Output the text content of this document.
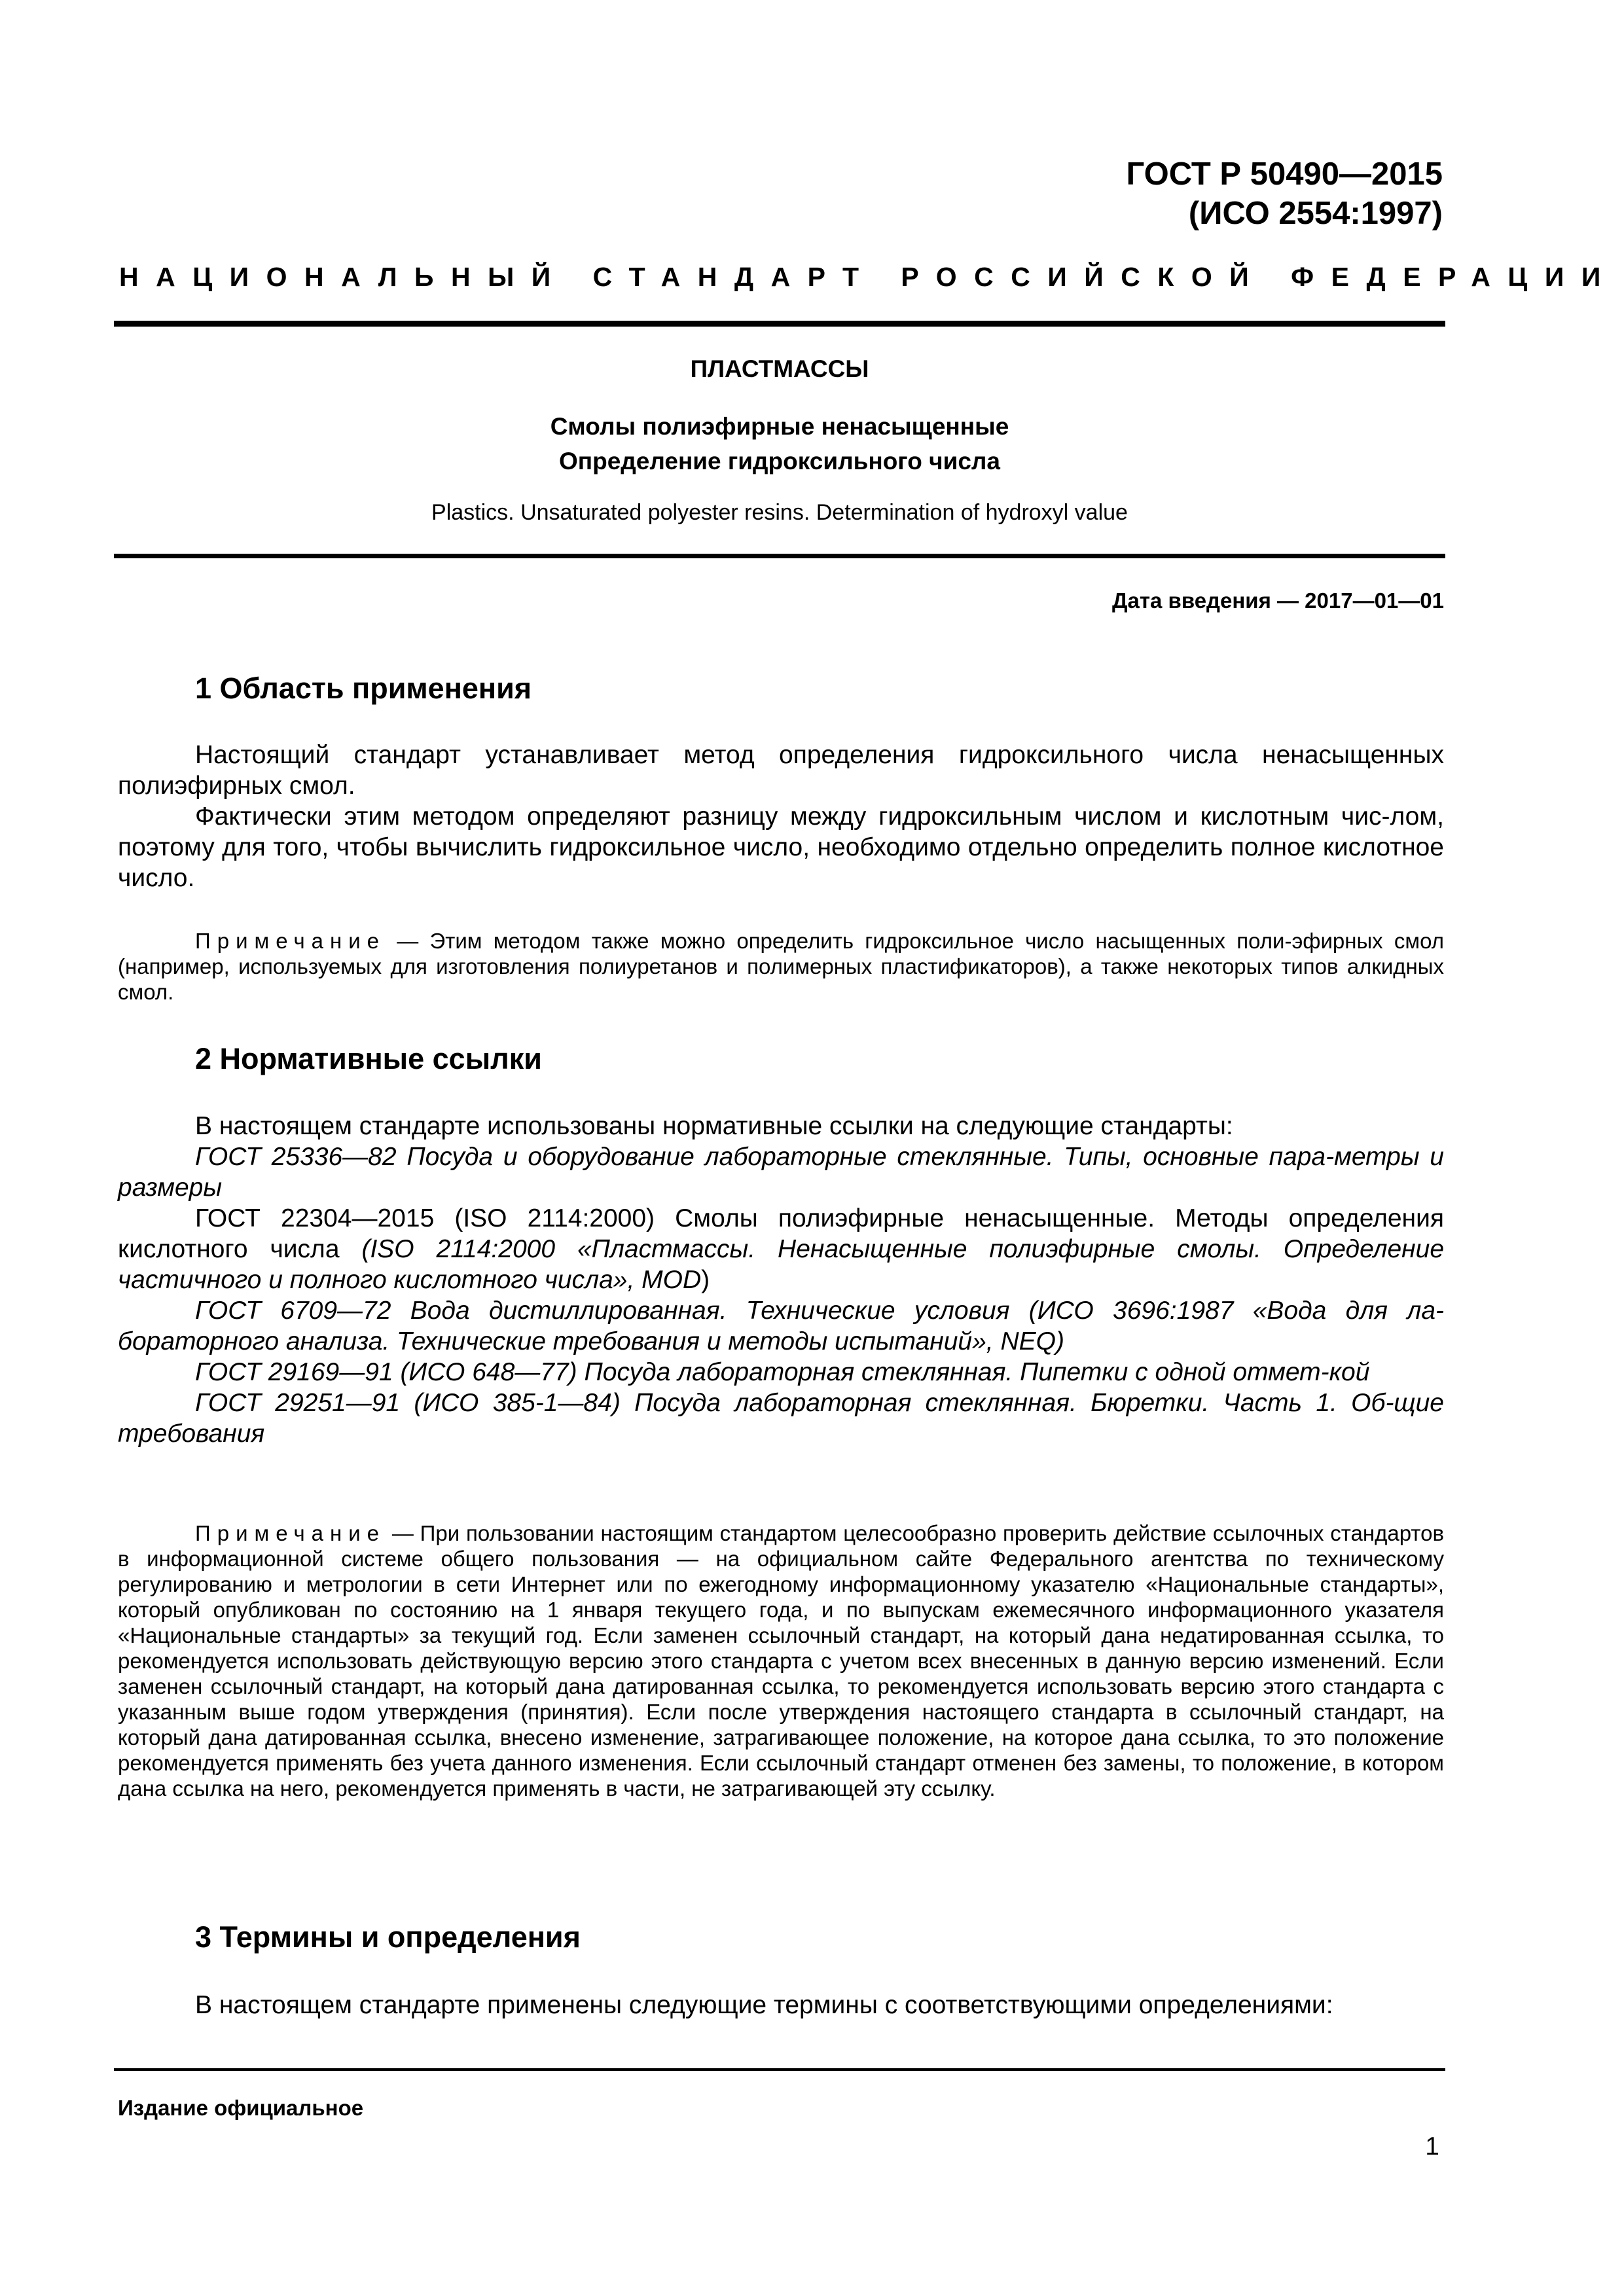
ГОСТ Р 50490—2015
(ИСО 2554:1997)
НАЦИОНАЛЬНЫЙ СТАНДАРТ РОССИЙСКОЙ ФЕДЕРАЦИИ
ПЛАСТМАССЫ
Смолы полиэфирные ненасыщенные
Определение гидроксильного числа
Plastics. Unsaturated polyester resins. Determination of hydroxyl value
Дата введения — 2017—01—01
1 Область применения

Настоящий стандарт устанавливает метод определения гидроксильного числа ненасыщенных полиэфирных смол.

Фактически этим методом определяют разницу между гидроксильным числом и кислотным чис-лом, поэтому для того, чтобы вычислить гидроксильное число, необходимо отдельно определить полное кислотное число.

Примечание — Этим методом также можно определить гидроксильное число насыщенных поли-эфирных смол (например, используемых для изготовления полиуретанов и полимерных пластификаторов), а также некоторых типов алкидных смол.

2 Нормативные ссылки

В настоящем стандарте использованы нормативные ссылки на следующие стандарты:

ГОСТ 25336—82 Посуда и оборудование лабораторные стеклянные. Типы, основные пара-метры и размеры

ГОСТ 22304—2015 (ISO 2114:2000) Смолы полиэфирные ненасыщенные. Методы определения кислотного числа (ISO 2114:2000 «Пластмассы. Ненасыщенные полиэфирные смолы. Определение частичного и полного кислотного числа», MOD)

ГОСТ 6709—72 Вода дистиллированная. Технические условия (ИСО 3696:1987 «Вода для ла-бораторного анализа. Технические требования и методы испытаний», NEQ)

ГОСТ 29169—91 (ИСО 648—77) Посуда лабораторная стеклянная. Пипетки с одной отмет-кой

ГОСТ 29251—91 (ИСО 385-1—84) Посуда лабораторная стеклянная. Бюретки. Часть 1. Об-щие требования

Примечание — При пользовании настоящим стандартом целесообразно проверить действие ссылочных стандартов в информационной системе общего пользования — на официальном сайте Федерального агентства по техническому регулированию и метрологии в сети Интернет или по ежегодному информационному указателю «Национальные стандарты», который опубликован по состоянию на 1 января текущего года, и по выпускам ежемесячного информационного указателя «Национальные стандарты» за текущий год. Если заменен ссылочный стандарт, на который дана недатированная ссылка, то рекомендуется использовать действующую версию этого стандарта с учетом всех внесенных в данную версию изменений. Если заменен ссылочный стандарт, на который дана датированная ссылка, то рекомендуется использовать версию этого стандарта с указанным выше годом утверждения (принятия). Если после утверждения настоящего стандарта в ссылочный стандарт, на который дана датированная ссылка, внесено изменение, затрагивающее положение, на которое дана ссылка, то это положение рекомендуется применять без учета данного изменения. Если ссылочный стандарт отменен без замены, то положение, в котором дана ссылка на него, рекомендуется применять в части, не затрагивающей эту ссылку.

3 Термины и определения

В настоящем стандарте применены следующие термины с соответствующими определениями:

Издание официальное
1
